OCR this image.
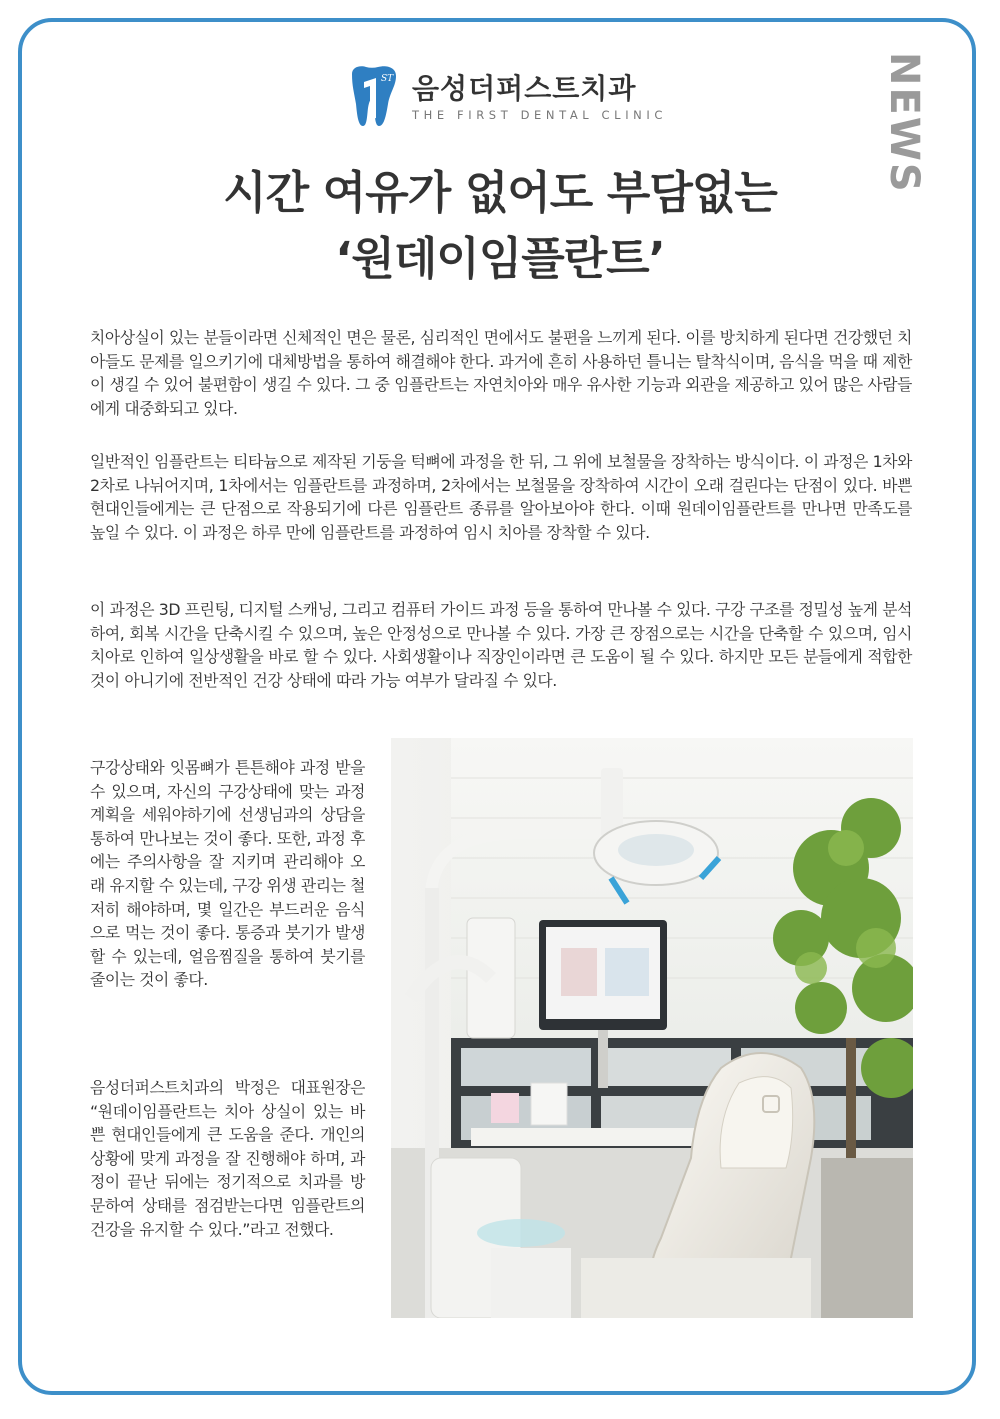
ST 음성더퍼스트치과
THE FIRST DENTAL CLINIC	NEWS
시간 여유가 없어도 부담없는
‘원데이임플란트’
치아상실이 있는 분들이라면 신체적인 면은 물론, 심리적인 면에서도 불편을 느끼게 된다. 이를 방치하게 된다면 건강했던 치아들도 문제를 일으키기에 대체방법을 통하여 해결해야 한다. 과거에 흔히 사용하던 틀니는 탈착식이며, 음식을 먹을 때 제한이 생길 수 있어 불편함이 생길 수 있다. 그 중 임플란트는 자연치아와 매우 유사한 기능과 외관을 제공하고 있어 많은 사람들에게 대중화되고 있다.
일반적인 임플란트는 티타늄으로 제작된 기둥을 턱뼈에 과정을 한 뒤, 그 위에 보철물을 장착하는 방식이다. 이 과정은 1차와 2차로 나뉘어지며, 1차에서는 임플란트를 과정하며, 2차에서는 보철물을 장착하여 시간이 오래 걸린다는 단점이 있다. 바쁜 현대인들에게는 큰 단점으로 작용되기에 다른 임플란트 종류를 알아보아야 한다. 이때 원데이임플란트를 만나면 만족도를 높일 수 있다. 이 과정은 하루 만에 임플란트를 과정하여 임시 치아를 장착할 수 있다.
이 과정은 3D 프린팅, 디지털 스캐닝, 그리고 컴퓨터 가이드 과정 등을 통하여 만나볼 수 있다. 구강 구조를 정밀성 높게 분석하여, 회복 시간을 단축시킬 수 있으며, 높은 안정성으로 만나볼 수 있다. 가장 큰 장점으로는 시간을 단축할 수 있으며, 임시 치아로 인하여 일상생활을 바로 할 수 있다. 사회생활이나 직장인이라면 큰 도움이 될 수 있다. 하지만 모든 분들에게 적합한 것이 아니기에 전반적인 건강 상태에 따라 가능 여부가 달라질 수 있다.
구강상태와 잇몸뼈가 튼튼해야 과정 받을 수 있으며, 자신의 구강상태에 맞는 과정 계획을 세워야하기에 선생님과의 상담을 통하여 만나보는 것이 좋다. 또한, 과정 후에는 주의사항을 잘 지키며 관리해야 오래 유지할 수 있는데, 구강 위생 관리는 철저히 해야하며, 몇 일간은 부드러운 음식으로 먹는 것이 좋다. 통증과 붓기가 발생할 수 있는데, 얼음찜질을 통하여 붓기를 줄이는 것이 좋다.
음성더퍼스트치과의 박정은 대표원장은 “원데이임플란트는 치아 상실이 있는 바쁜 현대인들에게 큰 도움을 준다. 개인의 상황에 맞게 과정을 잘 진행해야 하며, 과정이 끝난 뒤에는 정기적으로 치과를 방문하여 상태를 점검받는다면 임플란트의 건강을 유지할 수 있다.”라고 전했다.
